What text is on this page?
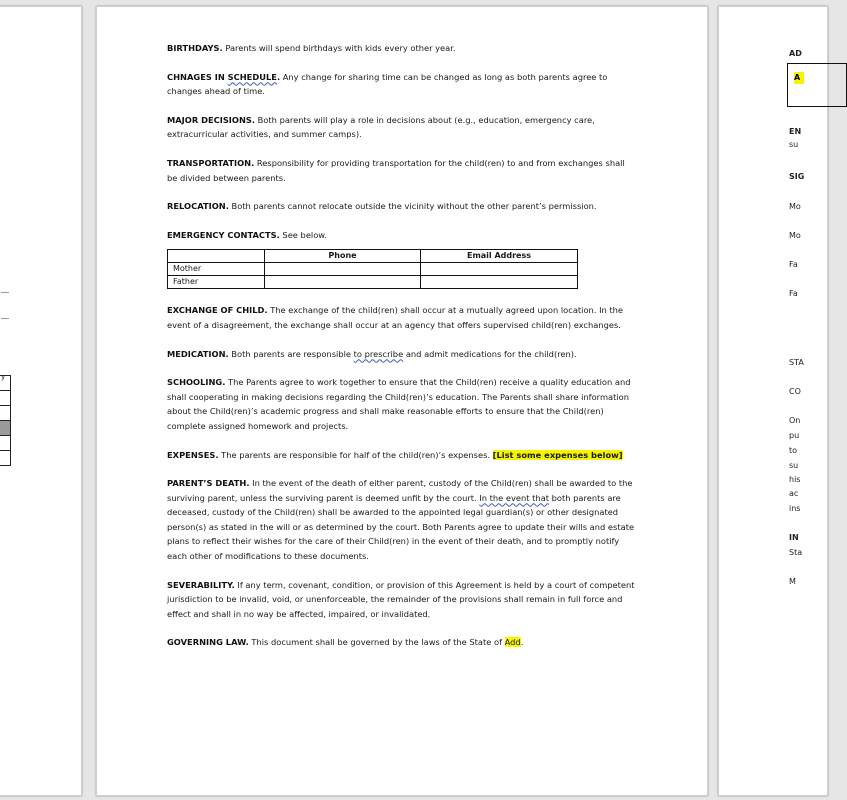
y

BIRTHDAYS. Parents will spend birthdays with kids every other year.

CHNAGES IN SCHEDULE. Any change for sharing time can be changed as long as both parents agree to changes ahead of time.

MAJOR DECISIONS. Both parents will play a role in decisions about (e.g., education, emergency care, extracurricular activities, and summer camps).

TRANSPORTATION. Responsibility for providing transportation for the child(ren) to and from exchanges shall be divided between parents.

RELOCATION. Both parents cannot relocate outside the vicinity without the other parent’s permission.

EMERGENCY CONTACTS. See below.

	Phone	Email Address
Mother		
Father		

EXCHANGE OF CHILD. The exchange of the child(ren) shall occur at a mutually agreed upon location. In the event of a disagreement, the exchange shall occur at an agency that offers supervised child(ren) exchanges.

MEDICATION. Both parents are responsible to prescribe and admit medications for the child(ren).

SCHOOLING. The Parents agree to work together to ensure that the Child(ren) receive a quality education and shall cooperating in making decisions regarding the Child(ren)’s education. The Parents shall share information about the Child(ren)’s academic progress and shall make reasonable efforts to ensure that the Child(ren) complete assigned homework and projects.

EXPENSES. The parents are responsible for half of the child(ren)’s expenses. [List some expenses below]

PARENT’S DEATH. In the event of the death of either parent, custody of the Child(ren) shall be awarded to the surviving parent, unless the surviving parent is deemed unfit by the court. In the event that both parents are deceased, custody of the Child(ren) shall be awarded to the appointed legal guardian(s) or other designated person(s) as stated in the will or as determined by the court. Both Parents agree to update their wills and estate plans to reflect their wishes for the care of their Child(ren) in the event of their death, and to promptly notify each other of modifications to these documents.

SEVERABILITY. If any term, covenant, condition, or provision of this Agreement is held by a court of competent jurisdiction to be invalid, void, or unenforceable, the remainder of the provisions shall remain in full force and effect and shall in no way be affected, impaired, or invalidated.

GOVERNING LAW. This document shall be governed by the laws of the State of Add.

AD
A
EN
su
SIG
Mo
Mo
Fa
Fa
STA
CO
On
pu
to
su
his
ac
ins
IN
Sta
M
